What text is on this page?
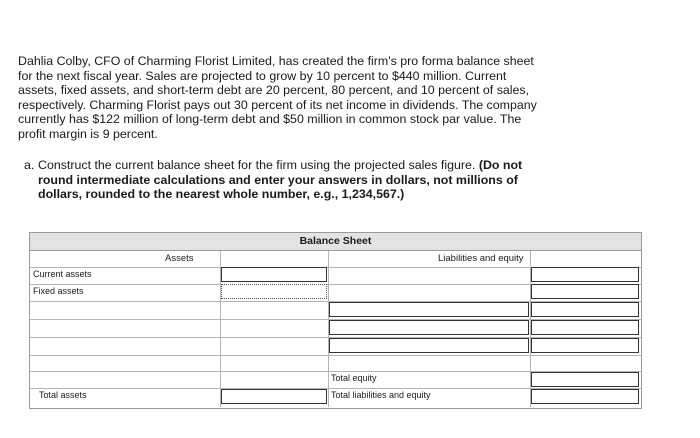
Dahlia Colby, CFO of Charming Florist Limited, has created the firm's pro forma balance sheet for the next fiscal year. Sales are projected to grow by 10 percent to $440 million. Current assets, fixed assets, and short-term debt are 20 percent, 80 percent, and 10 percent of sales, respectively. Charming Florist pays out 30 percent of its net income in dividends. The company currently has $122 million of long-term debt and $50 million in common stock par value. The profit margin is 9 percent.

a. Construct the current balance sheet for the firm using the projected sales figure. (Do not round intermediate calculations and enter your answers in dollars, not millions of dollars, rounded to the nearest whole number, e.g., 1,234,567.)
Balance Sheet
Assets	Liabilities and equity
Current assets
Fixed assets
Total equity
Total assets	Total liabilities and equity
